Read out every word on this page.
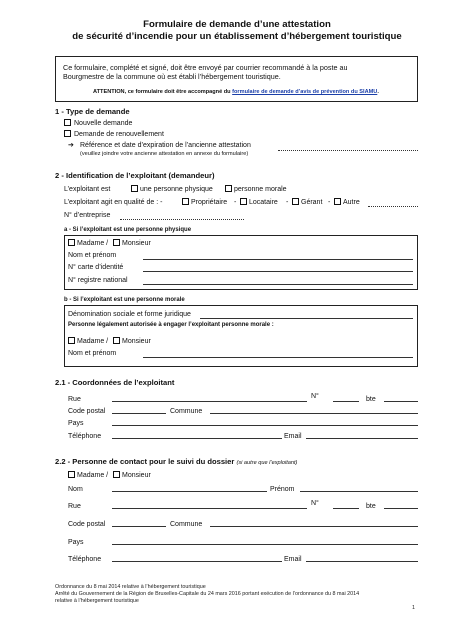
Formulaire de demande d’une attestation
de sécurité d’incendie pour un établissement d’hébergement touristique
Ce formulaire, complété et signé, doit être envoyé par courrier recommandé à la poste au
Bourgmestre de la commune où est établi l’hébergement touristique.
ATTENTION, ce formulaire doit être accompagné du formulaire de demande d’avis de prévention du SIAMU.
1 - Type de demande
Nouvelle demande
Demande de renouvellement
➔ Référence et date d’expiration de l’ancienne attestation
(veuillez joindre votre ancienne attestation en annexe du formulaire)
2 - Identification de l’exploitant (demandeur)
L’exploitant est	une personne physique	personne morale
L’exploitant agit en qualité de : -	Propriétaire - Locataire - Gérant - Autre
N° d’entreprise
a - Si l’exploitant est une personne physique
Madame / Monsieur
Nom et prénom
N° carte d’identité
N° registre national
b - Si l’exploitant est une personne morale
Dénomination sociale et forme juridique
Personne légalement autorisée à engager l’exploitant personne morale :
Madame / Monsieur
Nom et prénom
2.1 - Coordonnées de l’exploitant
Rue	N°	bte
Code postal	Commune
Pays
Téléphone	Email
2.2 - Personne de contact pour le suivi du dossier (si autre que l’exploitant)
Madame / Monsieur
Nom	Prénom
Rue	N°	bte
Code postal	Commune
Pays
Téléphone	Email
Ordonnance du 8 mai 2014 relative à l’hébergement touristique
Arrêté du Gouvernement de la Région de Bruxelles-Capitale du 24 mars 2016 portant exécution de l’ordonnance du 8 mai 2014
relative à l’hébergement touristique
1
